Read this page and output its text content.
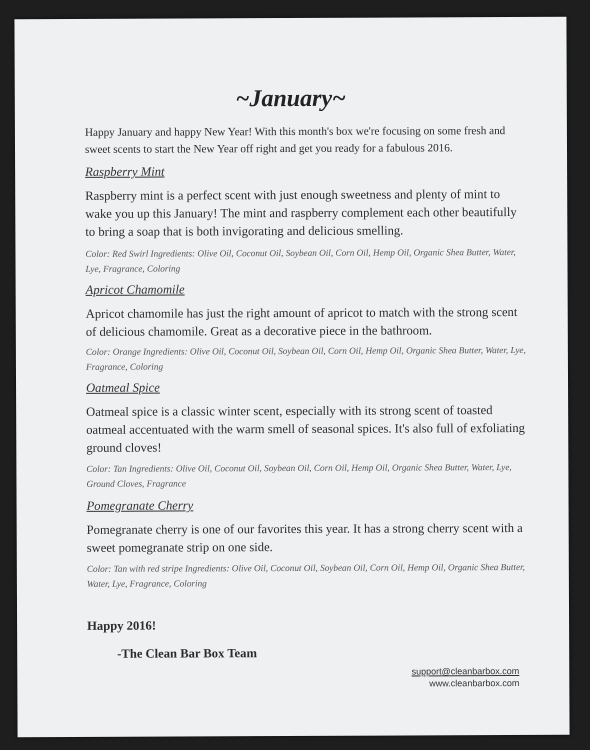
~January~
Happy January and happy New Year! With this month's box we're focusing on some fresh and sweet scents to start the New Year off right and get you ready for a fabulous 2016.
Raspberry Mint
Raspberry mint is a perfect scent with just enough sweetness and plenty of mint to wake you up this January! The mint and raspberry complement each other beautifully to bring a soap that is both invigorating and delicious smelling.
Color: Red Swirl Ingredients: Olive Oil, Coconut Oil, Soybean Oil, Corn Oil, Hemp Oil, Organic Shea Butter, Water, Lye, Fragrance, Coloring
Apricot Chamomile
Apricot chamomile has just the right amount of apricot to match with the strong scent of delicious chamomile. Great as a decorative piece in the bathroom.
Color: Orange Ingredients: Olive Oil, Coconut Oil, Soybean Oil, Corn Oil, Hemp Oil, Organic Shea Butter, Water, Lye, Fragrance, Coloring
Oatmeal Spice
Oatmeal spice is a classic winter scent, especially with its strong scent of toasted oatmeal accentuated with the warm smell of seasonal spices. It's also full of exfoliating ground cloves!
Color: Tan Ingredients: Olive Oil, Coconut Oil, Soybean Oil, Corn Oil, Hemp Oil, Organic Shea Butter, Water, Lye, Ground Cloves, Fragrance
Pomegranate Cherry
Pomegranate cherry is one of our favorites this year. It has a strong cherry scent with a sweet pomegranate strip on one side.
Color: Tan with red stripe Ingredients: Olive Oil, Coconut Oil, Soybean Oil, Corn Oil, Hemp Oil, Organic Shea Butter, Water, Lye, Fragrance, Coloring
Happy 2016!
-The Clean Bar Box Team
support@cleanbarbox.com
www.cleanbarbox.com
